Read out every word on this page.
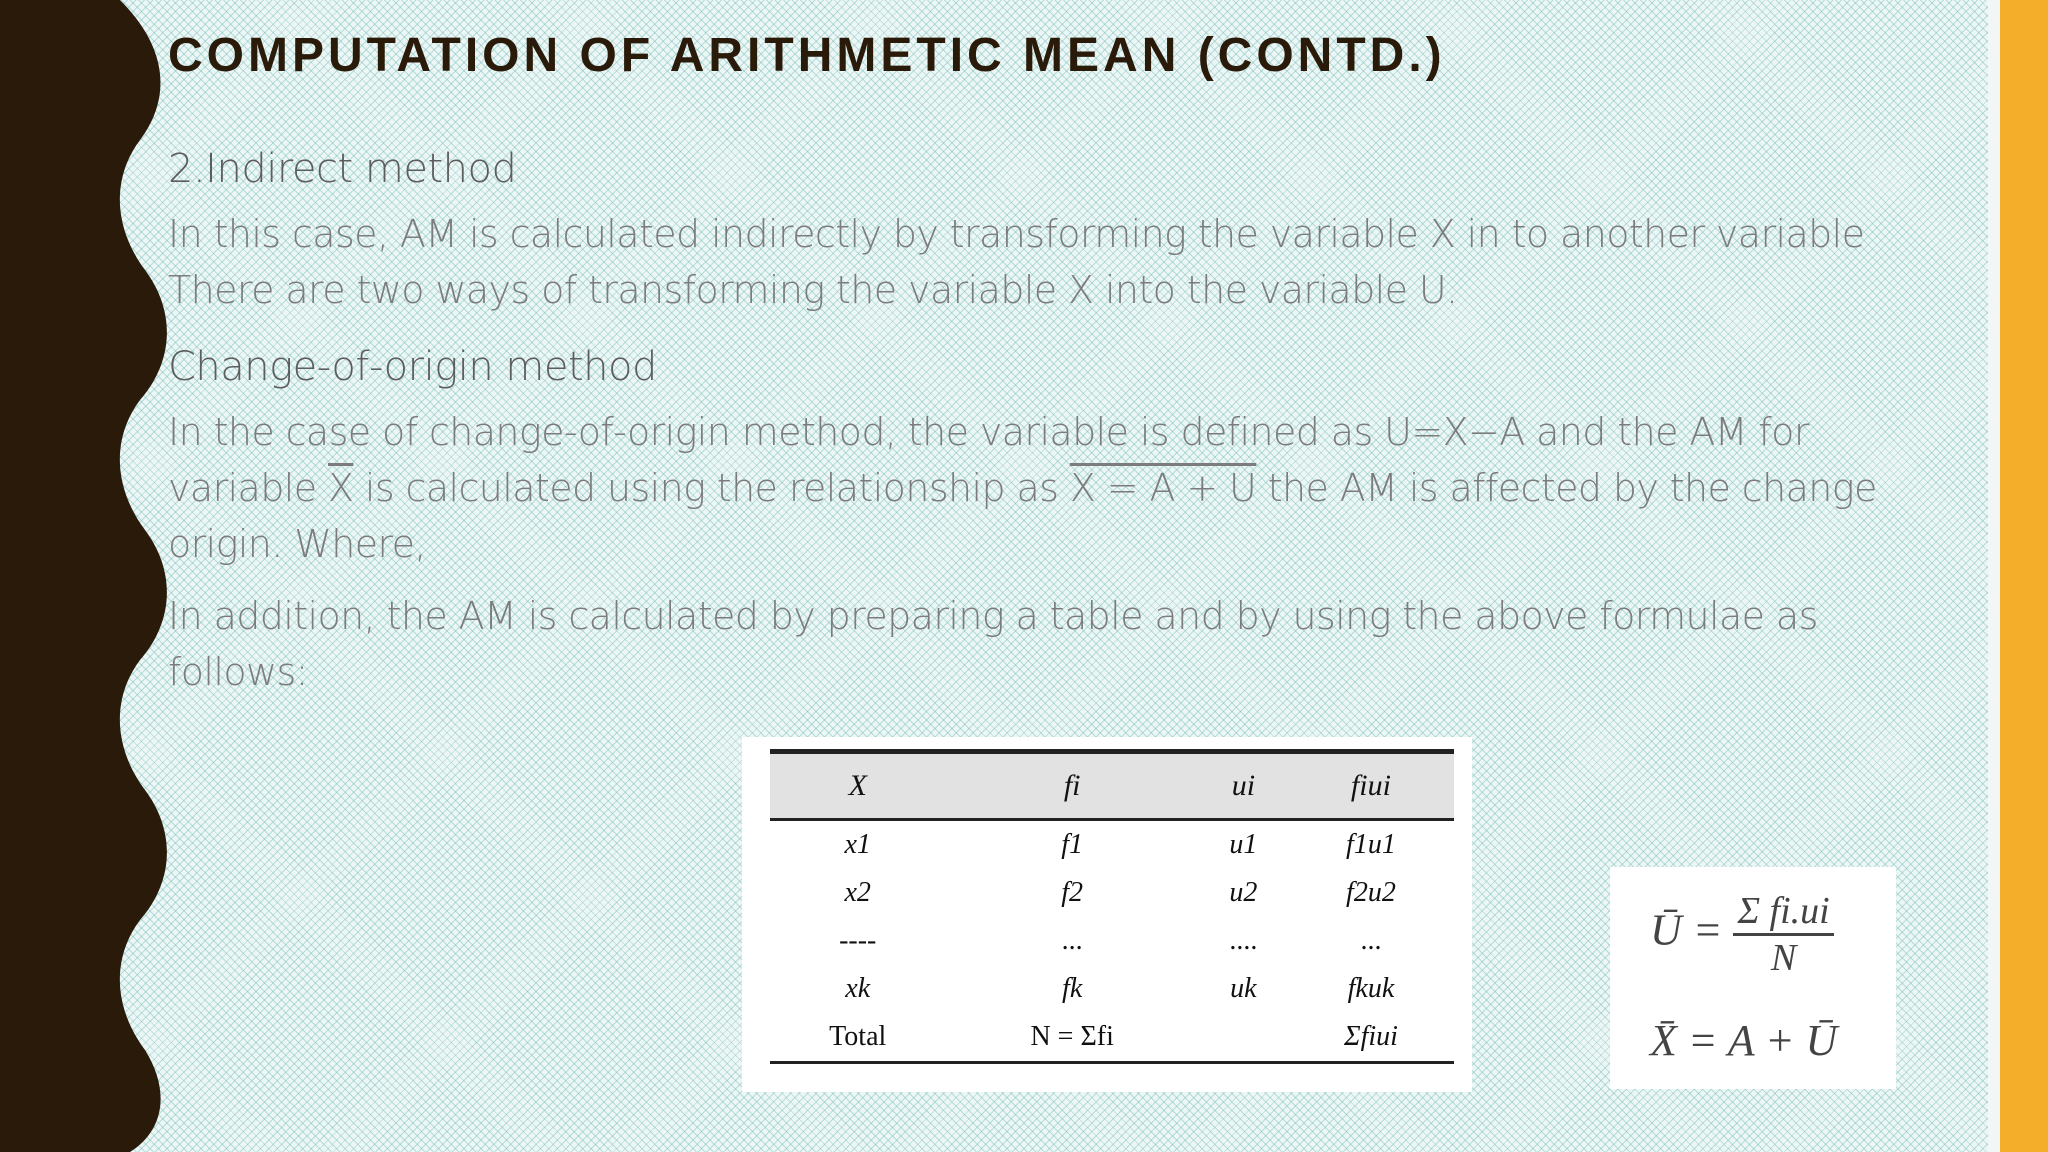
COMPUTATION OF ARITHMETIC MEAN (CONTD.)
2.Indirect method
In this case, AM is calculated indirectly by transforming the variable X in to another variable
There are two ways of transforming the variable X into the variable U.
Change-of-origin method
In the case of change-of-origin method, the variable is defined as U=X−A and the AM for
variable $\overline{X}$ is calculated using the relationship as X = A + U the AM is affected by the change
origin. Where,
In addition, the AM is calculated by preparing a table and by using the above formulae as
follows:
X	fi	ui	fiui
x1	f1	u1	f1u1
x2	f2	u2	f2u2
----	...	....	...
xk	fk	uk	fkuk
Total	N = Σfi		Σfiui
Ū = $\frac{\text{Σ fi.ui}}{N}$
X̄ = A + Ū
